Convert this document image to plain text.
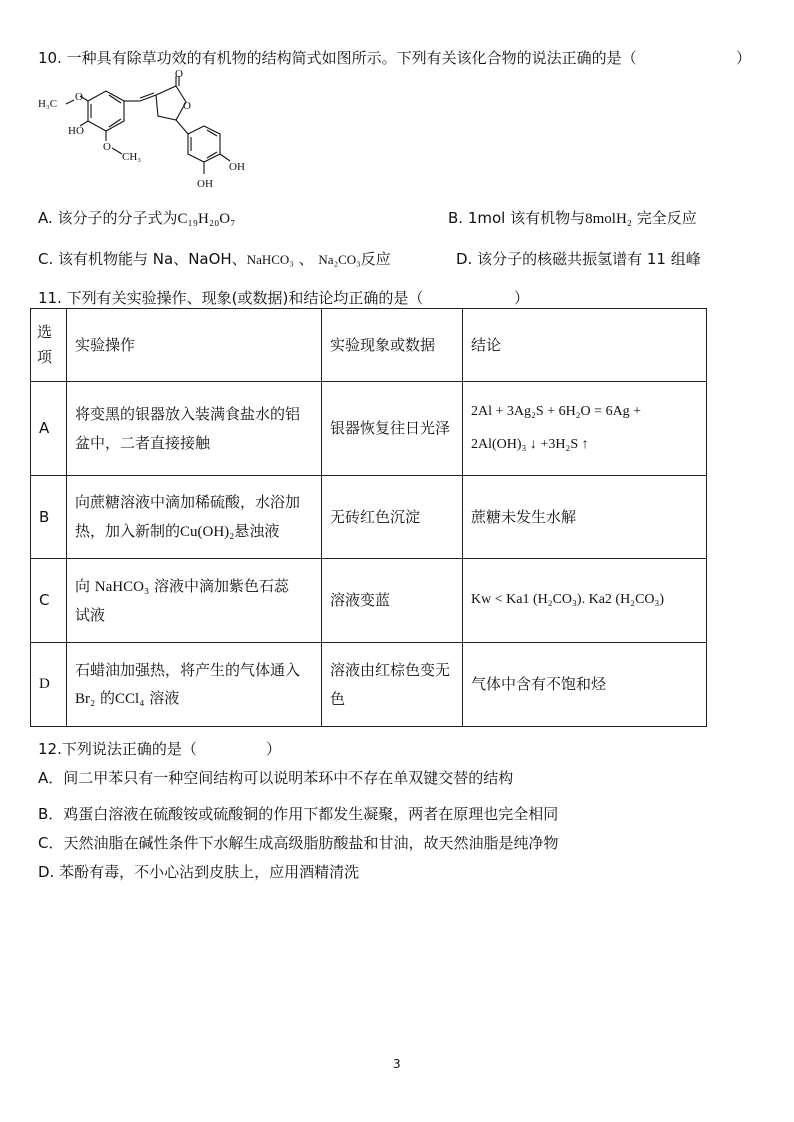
10. 一种具有除草功效的有机物的结构简式如图所示。下列有关该化合物的说法正确的是（	）
O
O
H₃C
O
HO
O
CH₃
OH
OH
A. 该分子的分子式为C₁₉H₂₀O₇	B. 1mol 该有机物与8molH₂ 完全反应
C. 该有机物能与 Na、NaOH、NaHCO₃ 、 Na₂CO₃反应	D. 该分子的核磁共振氢谱有 11 组峰
11. 下列有关实验操作、现象(或数据)和结论均正确的是（	）
选项	实验操作	实验现象或数据	结论
A	将变黑的银器放入装满食盐水的铝盆中，二者直接接触	银器恢复往日光泽	2Al + 3Ag₂S + 6H₂O = 6Ag +
2Al(OH)₃ ↓ +3H₂S ↑

B	向蔗糖溶液中滴加稀硫酸，水浴加
热，加入新制的Cu(OH)₂悬浊液	无砖红色沉淀	蔗糖未发生水解
C	向 NaHCO₃ 溶液中滴加紫色石蕊
试液	溶液变蓝	Kw < Ka1 (H₂CO₃). Ka2 (H₂CO₃)
D	石蜡油加强热，将产生的气体通入
Br₂ 的CCl₄ 溶液	溶液由红棕色变无色	气体中含有不饱和烃
12.下列说法正确的是（	）
A．间二甲苯只有一种空间结构可以说明苯环中不存在单双键交替的结构
B．鸡蛋白溶液在硫酸铵或硫酸铜的作用下都发生凝聚，两者在原理也完全相同
C．天然油脂在碱性条件下水解生成高级脂肪酸盐和甘油，故天然油脂是纯净物
D. 苯酚有毒，不小心沾到皮肤上，应用酒精清洗
3
